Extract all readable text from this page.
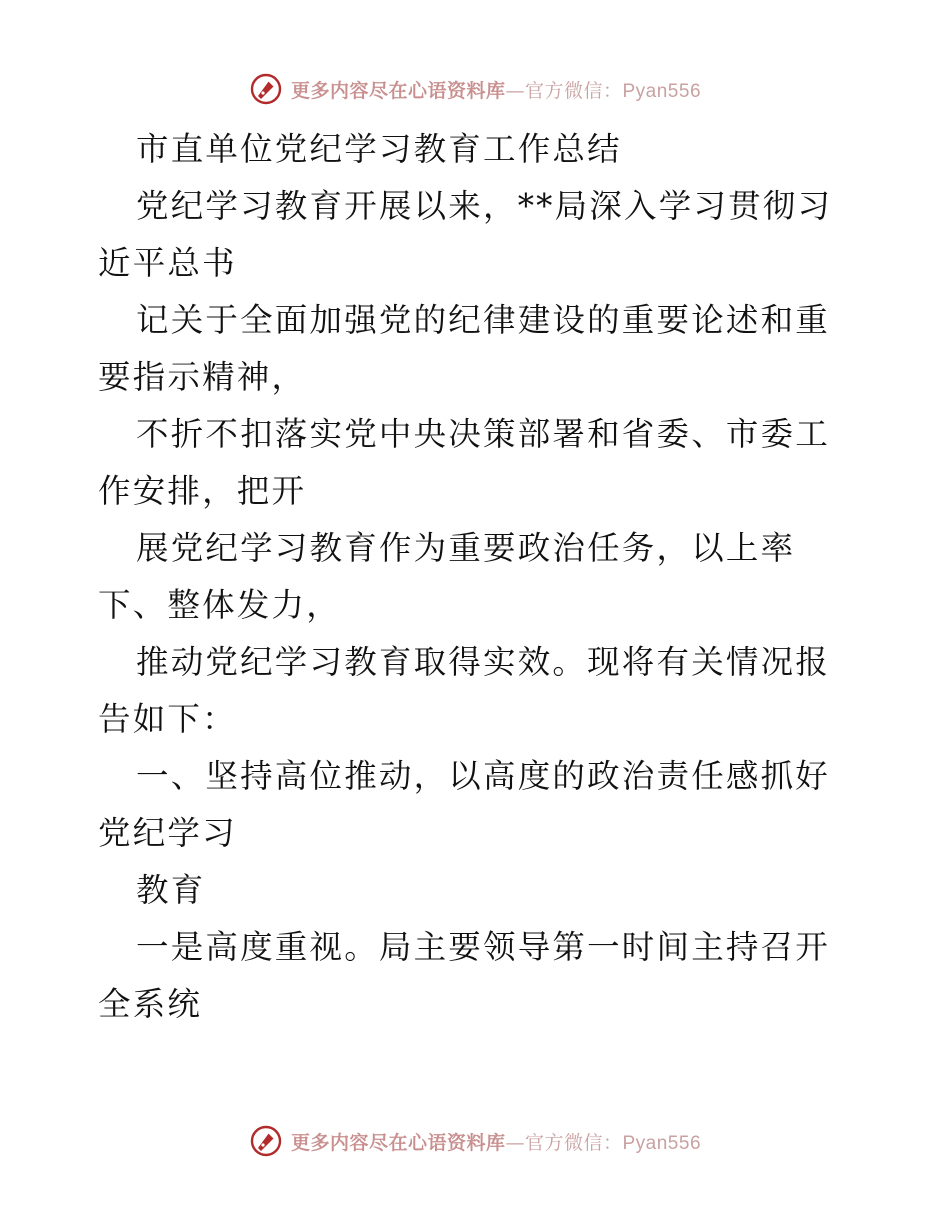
更多内容尽在心语资料库—官方微信：Pyan556

市直单位党纪学习教育工作总结

党纪学习教育开展以来，**局深入学习贯彻习近平总书

记关于全面加强党的纪律建设的重要论述和重要指示精神，

不折不扣落实党中央决策部署和省委、市委工作安排，把开

展党纪学习教育作为重要政治任务，以上率下、整体发力，

推动党纪学习教育取得实效。现将有关情况报告如下：

一、坚持高位推动，以高度的政治责任感抓好党纪学习

教育

一是高度重视。局主要领导第一时间主持召开全系统

更多内容尽在心语资料库—官方微信：Pyan556
